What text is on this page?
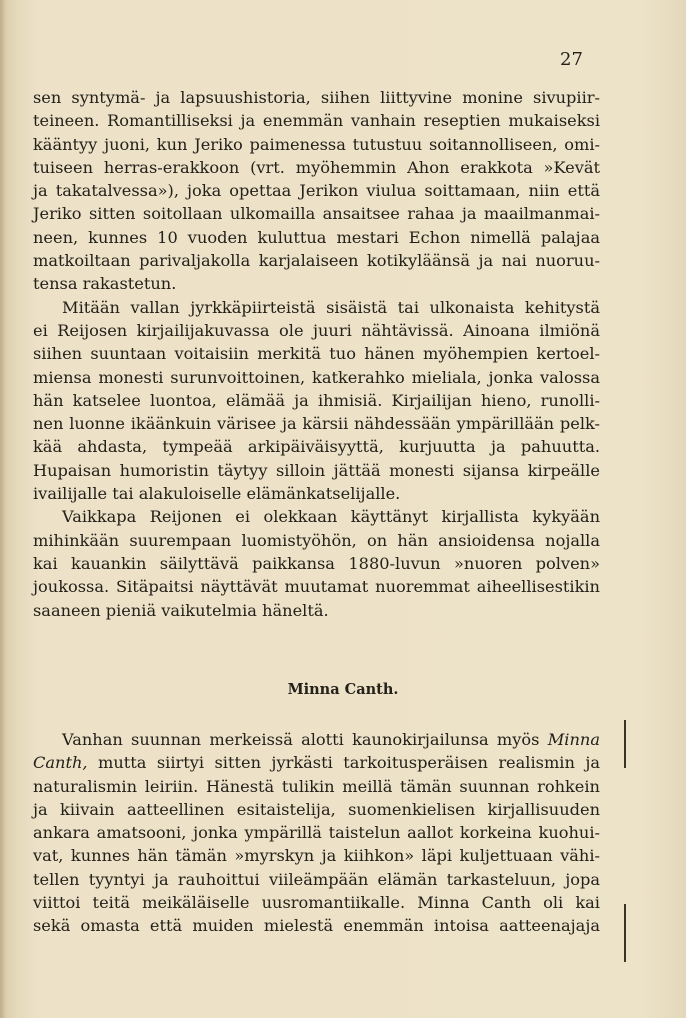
27
sen syntymä- ja lapsuushistoria, siihen liittyvine monine sivupiir-
teineen. Romantilliseksi ja enemmän vanhain reseptien mukaiseksi
kääntyy juoni, kun Jeriko paimenessa tutustuu soitannolliseen, omi-
tuiseen herras-erakkoon (vrt. myöhemmin Ahon erakkota »Kevät
ja takatalvessa»), joka opettaa Jerikon viulua soittamaan, niin että
Jeriko sitten soitollaan ulkomailla ansaitsee rahaa ja maailmanmai-
neen, kunnes 10 vuoden kuluttua mestari Echon nimellä palajaa
matkoiltaan parivaljakolla karjalaiseen kotikyläänsä ja nai nuoruu-
tensa rakastetun.
Mitään vallan jyrkkäpiirteistä sisäistä tai ulkonaista kehitystä
ei Reijosen kirjailijakuvassa ole juuri nähtävissä. Ainoana ilmiönä
siihen suuntaan voitaisiin merkitä tuo hänen myöhempien kertoel-
miensa monesti surunvoittoinen, katkerahko mieliala, jonka valossa
hän katselee luontoa, elämää ja ihmisiä. Kirjailijan hieno, runolli-
nen luonne ikäänkuin värisee ja kärsii nähdessään ympärillään pelk-
kää ahdasta, tympeää arkipäiväisyyttä, kurjuutta ja pahuutta.
Hupaisan humoristin täytyy silloin jättää monesti sijansa kirpeälle
ivailijalle tai alakuloiselle elämänkatselijalle.
Vaikkapa Reijonen ei olekkaan käyttänyt kirjallista kykyään
mihinkään suurempaan luomistyöhön, on hän ansioidensa nojalla
kai kauankin säilyttävä paikkansa 1880-luvun »nuoren polven»
joukossa. Sitäpaitsi näyttävät muutamat nuoremmat aiheellisestikin
saaneen pieniä vaikutelmia häneltä.
Minna Canth.
Vanhan suunnan merkeissä alotti kaunokirjailunsa myös Minna
Canth, mutta siirtyi sitten jyrkästi tarkoitusperäisen realismin ja
naturalismin leiriin. Hänestä tulikin meillä tämän suunnan rohkein
ja kiivain aatteellinen esitaistelija, suomenkielisen kirjallisuuden
ankara amatsooni, jonka ympärillä taistelun aallot korkeina kuohui-
vat, kunnes hän tämän »myrskyn ja kiihkon» läpi kuljettuaan vähi-
tellen tyyntyi ja rauhoittui viileämpään elämän tarkasteluun, jopa
viittoi teitä meikäläiselle uusromantiikalle. Minna Canth oli kai
sekä omasta että muiden mielestä enemmän intoisa aatteenajaja
